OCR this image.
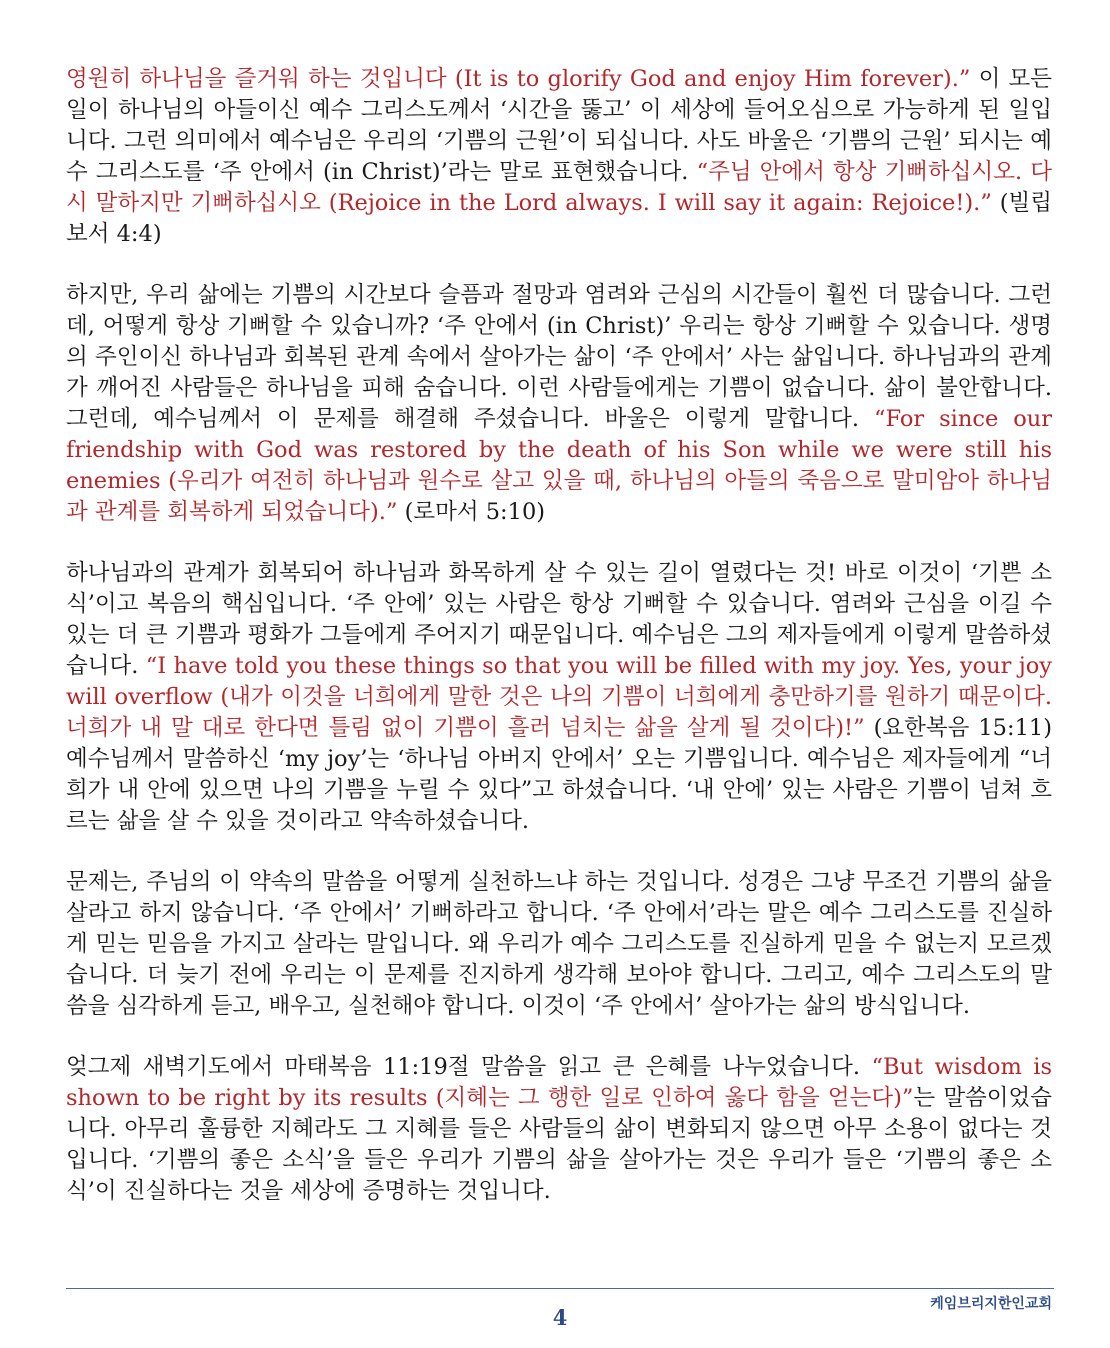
영원히 하나님을 즐거워 하는 것입니다 (It is to glorify God and enjoy Him forever).” 이 모든 일이 하나님의 아들이신 예수 그리스도께서 ‘시간을 뚫고’ 이 세상에 들어오심으로 가능하게 된 일입니다. 그런 의미에서 예수님은 우리의 ‘기쁨의 근원’이 되십니다. 사도 바울은 ‘기쁨의 근원’ 되시는 예수 그리스도를 ‘주 안에서 (in Christ)’라는 말로 표현했습니다. “주님 안에서 항상 기뻐하십시오. 다시 말하지만 기뻐하십시오 (Rejoice in the Lord always. I will say it again: Rejoice!).” (빌립보서 4:4)

하지만, 우리 삶에는 기쁨의 시간보다 슬픔과 절망과 염려와 근심의 시간들이 훨씬 더 많습니다. 그런데, 어떻게 항상 기뻐할 수 있습니까? ‘주 안에서 (in Christ)’ 우리는 항상 기뻐할 수 있습니다. 생명의 주인이신 하나님과 회복된 관계 속에서 살아가는 삶이 ‘주 안에서’ 사는 삶입니다. 하나님과의 관계가 깨어진 사람들은 하나님을 피해 숨습니다. 이런 사람들에게는 기쁨이 없습니다. 삶이 불안합니다. 그런데, 예수님께서 이 문제를 해결해 주셨습니다. 바울은 이렇게 말합니다. “For since our friendship with God was restored by the death of his Son while we were still his enemies (우리가 여전히 하나님과 원수로 살고 있을 때, 하나님의 아들의 죽음으로 말미암아 하나님과 관계를 회복하게 되었습니다).” (로마서 5:10)

하나님과의 관계가 회복되어 하나님과 화목하게 살 수 있는 길이 열렸다는 것! 바로 이것이 ‘기쁜 소식’이고 복음의 핵심입니다. ‘주 안에’ 있는 사람은 항상 기뻐할 수 있습니다. 염려와 근심을 이길 수 있는 더 큰 기쁨과 평화가 그들에게 주어지기 때문입니다. 예수님은 그의 제자들에게 이렇게 말씀하셨습니다. “I have told you these things so that you will be filled with my joy. Yes, your joy will overflow (내가 이것을 너희에게 말한 것은 나의 기쁨이 너희에게 충만하기를 원하기 때문이다. 너희가 내 말 대로 한다면 틀림 없이 기쁨이 흘러 넘치는 삶을 살게 될 것이다)!” (요한복음 15:11) 예수님께서 말씀하신 ‘my joy’는 ‘하나님 아버지 안에서’ 오는 기쁨입니다. 예수님은 제자들에게 “너희가 내 안에 있으면 나의 기쁨을 누릴 수 있다”고 하셨습니다. ‘내 안에’ 있는 사람은 기쁨이 넘쳐 흐르는 삶을 살 수 있을 것이라고 약속하셨습니다.

문제는, 주님의 이 약속의 말씀을 어떻게 실천하느냐 하는 것입니다. 성경은 그냥 무조건 기쁨의 삶을 살라고 하지 않습니다. ‘주 안에서’ 기뻐하라고 합니다. ‘주 안에서’라는 말은 예수 그리스도를 진실하게 믿는 믿음을 가지고 살라는 말입니다. 왜 우리가 예수 그리스도를 진실하게 믿을 수 없는지 모르겠습니다. 더 늦기 전에 우리는 이 문제를 진지하게 생각해 보아야 합니다. 그리고, 예수 그리스도의 말씀을 심각하게 듣고, 배우고, 실천해야 합니다. 이것이 ‘주 안에서’ 살아가는 삶의 방식입니다.

엊그제 새벽기도에서 마태복음 11:19절 말씀을 읽고 큰 은혜를 나누었습니다. “But wisdom is shown to be right by its results (지혜는 그 행한 일로 인하여 옳다 함을 얻는다)”는 말씀이었습니다. 아무리 훌륭한 지혜라도 그 지혜를 들은 사람들의 삶이 변화되지 않으면 아무 소용이 없다는 것입니다. ‘기쁨의 좋은 소식’을 들은 우리가 기쁨의 삶을 살아가는 것은 우리가 들은 ‘기쁨의 좋은 소식’이 진실하다는 것을 세상에 증명하는 것입니다.

케임브리지한인교회
4
